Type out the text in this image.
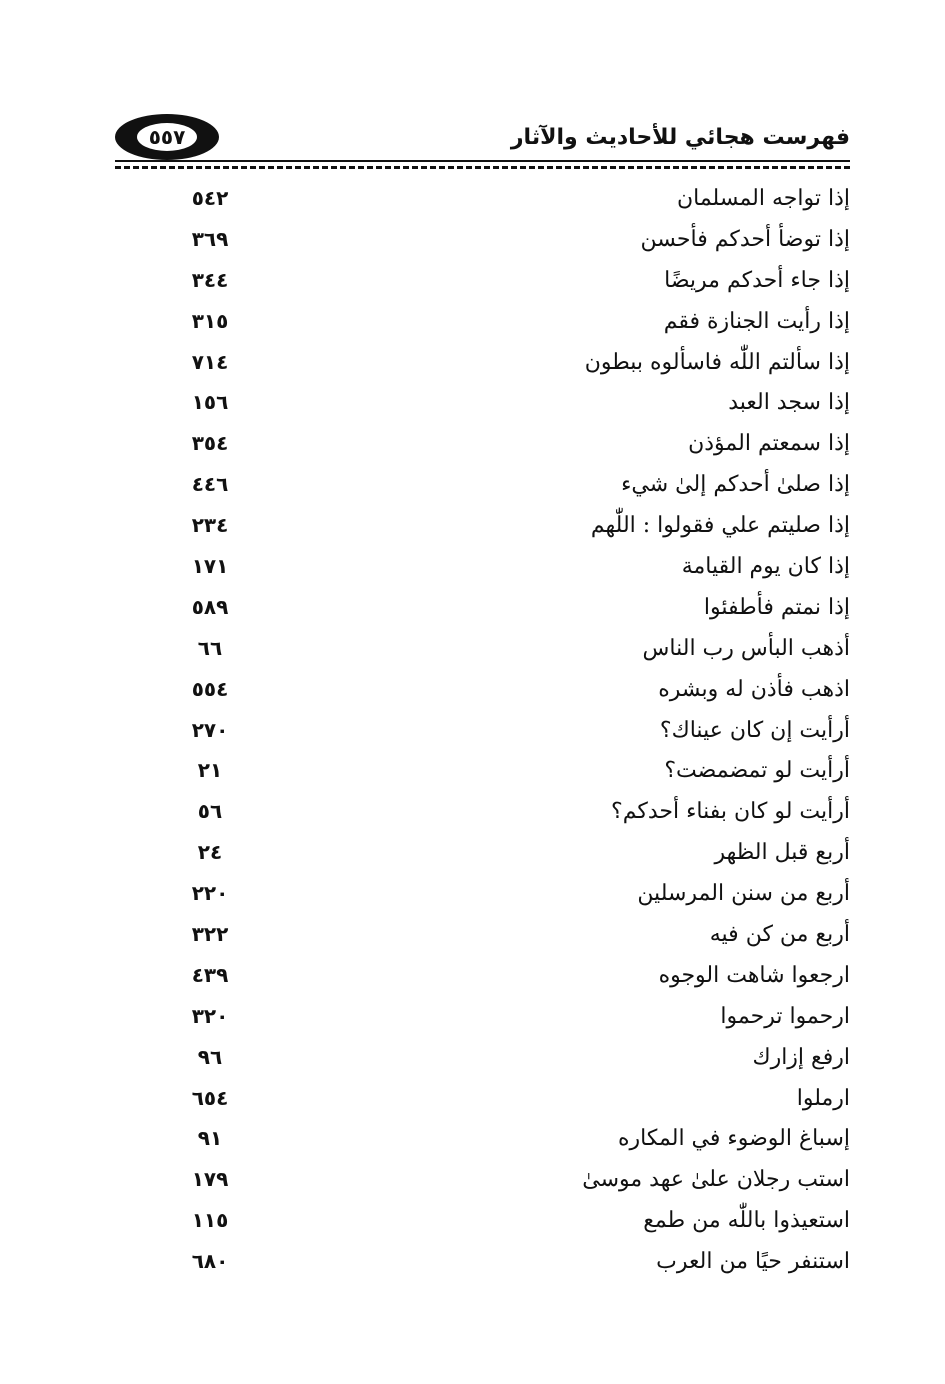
٥٥٧	فهرست هجائي للأحاديث والآثار
إذا تواجه المسلمان
٥٤٢
إذا توضأ أحدكم فأحسن
٣٦٩
إذا جاء أحدكم مريضًا
٣٤٤
إذا رأيت الجنازة فقم
٣١٥
إذا سألتم اللّٰه فاسألوه ببطون
٧١٤
إذا سجد العبد
١٥٦
إذا سمعتم المؤذن
٣٥٤
إذا صلىٰ أحدكم إلىٰ شيء
٤٤٦
إذا صليتم علي فقولوا : اللّٰهم
٢٣٤
إذا كان يوم القيامة
١٧١
إذا نمتم فأطفئوا
٥٨٩
أذهب البأس رب الناس
٦٦
اذهب فأذن له وبشره
٥٥٤
أرأيت إن كان عيناك؟
٢٧٠
أرأيت لو تمضمضت؟
٢١
أرأيت لو كان بفناء أحدكم؟
٥٦
أربع قبل الظهر
٢٤
أربع من سنن المرسلين
٢٢٠
أربع من كن فيه
٣٢٢
ارجعوا شاهت الوجوه
٤٣٩
ارحموا ترحموا
٣٢٠
ارفع إزارك
٩٦
ارملوا
٦٥٤
إسباغ الوضوء في المكاره
٩١
استب رجلان علىٰ عهد موسىٰ
١٧٩
استعيذوا باللّٰه من طمع
١١٥
استنفر حيًا من العرب
٦٨٠
